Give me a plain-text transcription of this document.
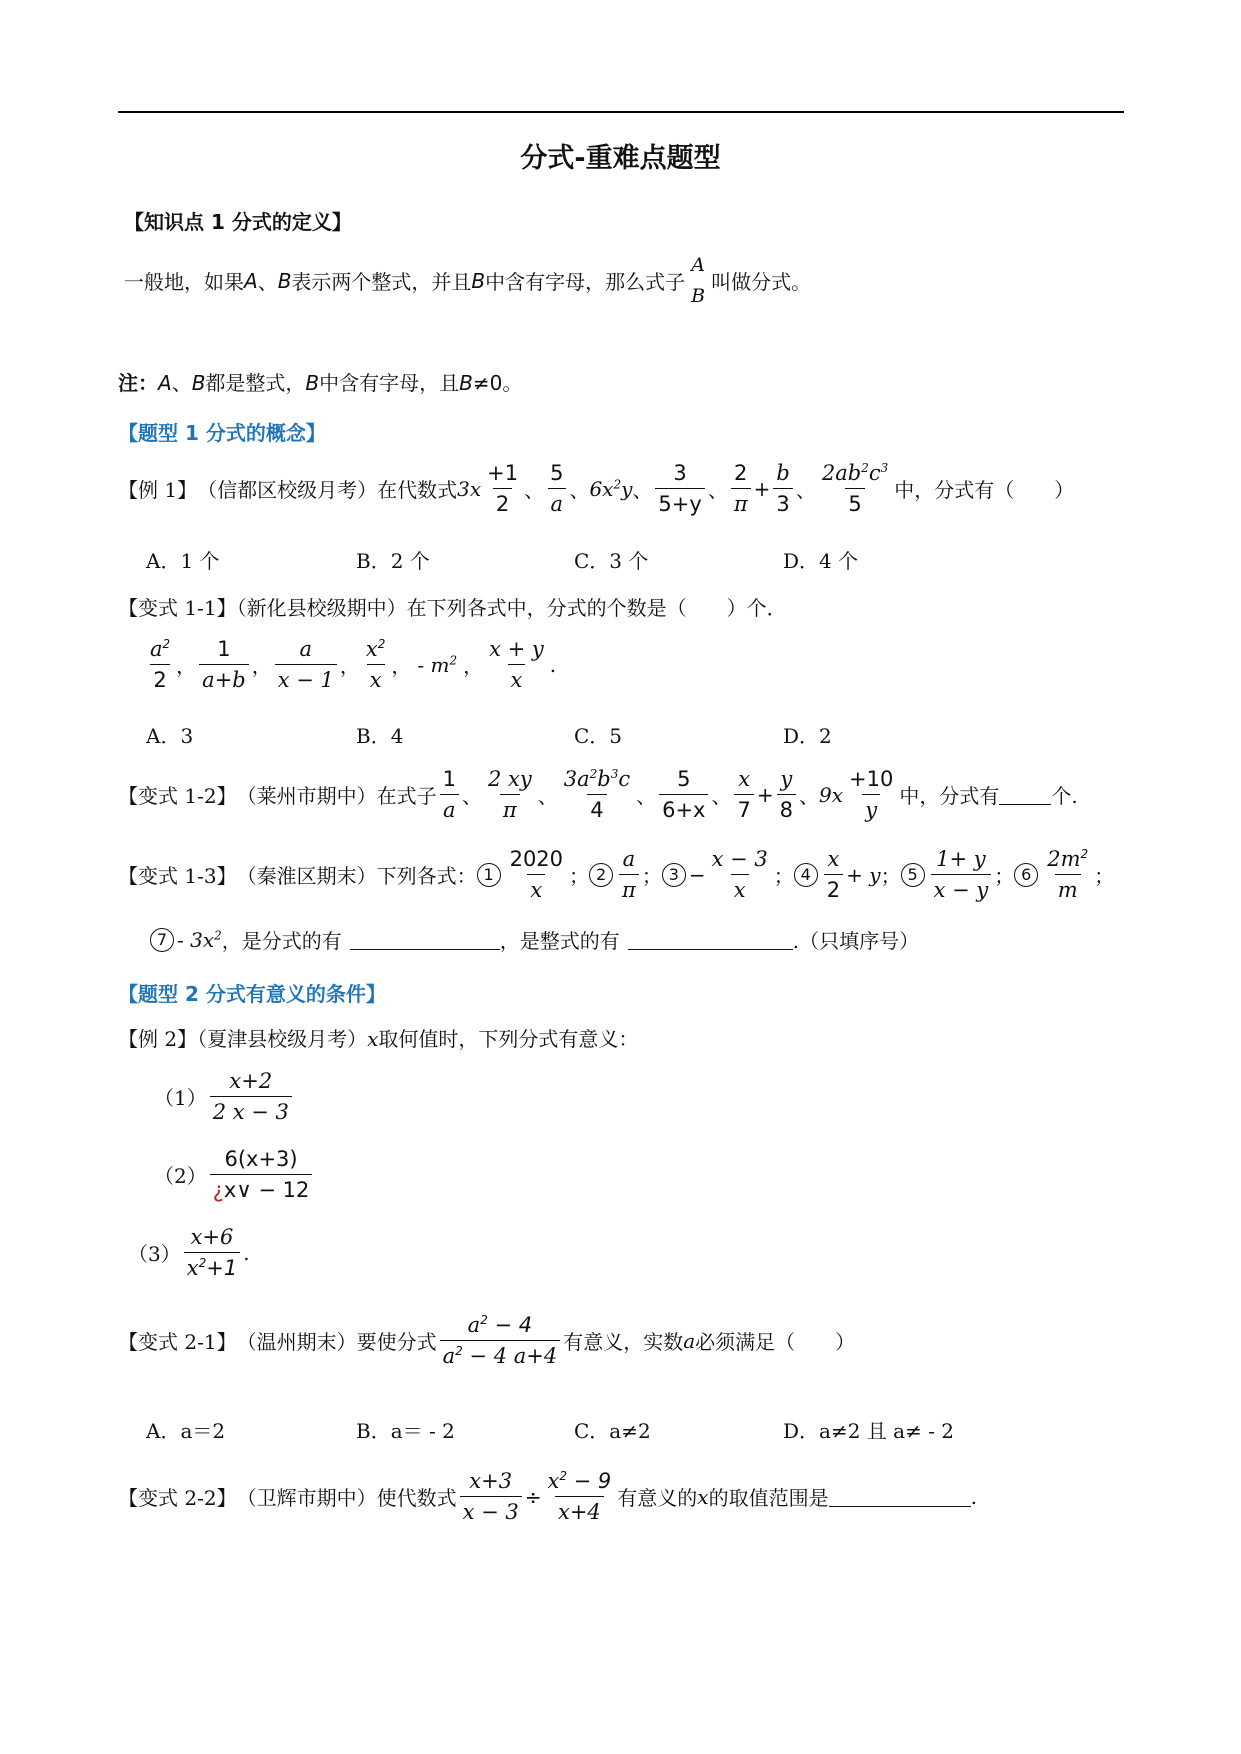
分式-重难点题型
【知识点 1 分式的定义】
一般地，如果 A 、 B 表示两个整式，并且 B 中含有字母，那么式子 $\frac{A}{B}$ 叫做分式。
注：A、B都是整式，B中含有字母，且B≠0。
【题型 1 分式的概念】
【例 1】 （信都区校级月考）在代数式 $3x \frac{+1}{2}$ 、 $\frac{5}{a}$ 、 $6x^2y$ 、 $\frac{3}{5+y}$ 、 $\frac{2}{\pi} + \frac{b}{3}$ 、 $\frac{2ab^2c^3}{5}$ 中，分式有（　　）
A．1 个	B．2 个	C．3 个	D．4 个
【变式 1-1】（新化县校级期中）在下列各式中，分式的个数是（　　）个．
$\frac{a^2}{2}$ ， $\frac{1}{a+b}$ ， $\frac{a}{x - 1}$ ， $\frac{x^2}{x}$ ， - $m^2$ ， $\frac{x + y}{x}$ .
A．3	B．4	C．5	D．2
【变式 1-2】 （莱州市期中）在式子 $\frac{1}{a}$ 、 $\frac{2 xy}{\pi}$ 、 $\frac{3a^2b^3c}{4}$ 、 $\frac{5}{6+x}$ 、 $\frac{x}{7} + \frac{y}{8}$ 、 $9x \frac{+10}{y}$ 中，分式有	个.
【变式 1-3】 （秦淮区期末）下列各式： $1 \frac{2020}{x}$ ； $2 \frac{a}{\pi}$ ； $3 - \frac{x - 3}{x}$ ； $4 \frac{x}{2} + y$ ； $5 \frac{1+ y}{x - y}$ ； $6 \frac{2m^2}{m}$ ；
$7 - 3x^2$ ，是分式的有	，是整式的有	.（只填序号）
【题型 2 分式有意义的条件】
【例 2】（夏津县校级月考）x取何值时，下列分式有意义：
$(1) \frac{x+2}{2 x - 3}$
$(2) \frac{6(x+3)}{¿x\vee - 12}$
$(3) \frac{x+6}{x^2+1}$ .
【变式 2-1】 （温州期末）要使分式 $\frac{a^2 - 4}{a^2 - 4 a+4}$ 有意义，实数 a 必须满足（　　）
A．a＝2	B．a＝ - 2	C．a≠2	D．a≠2 且 a≠ - 2
【变式 2-2】 （卫辉市期中）使代数式 $\frac{x+3}{x - 3} \div \frac{x^2 - 9}{x+4}$ 有意义的 x 的取值范围是	.
